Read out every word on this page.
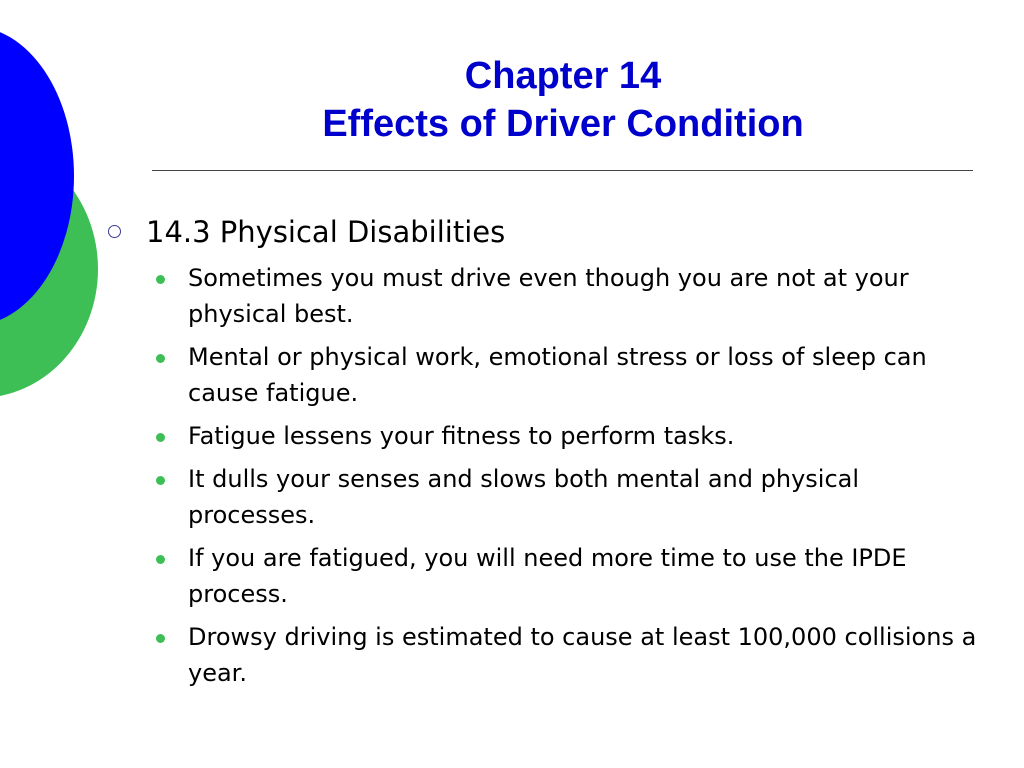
Chapter 14
Effects of Driver Condition
14.3 Physical Disabilities
Sometimes you must drive even though you are not at your physical best.
Mental or physical work, emotional stress or loss of sleep can cause fatigue.
Fatigue lessens your fitness to perform tasks.
It dulls your senses and slows both mental and physical processes.
If you are fatigued, you will need more time to use the IPDE process.
Drowsy driving is estimated to cause at least 100,000 collisions a year.
